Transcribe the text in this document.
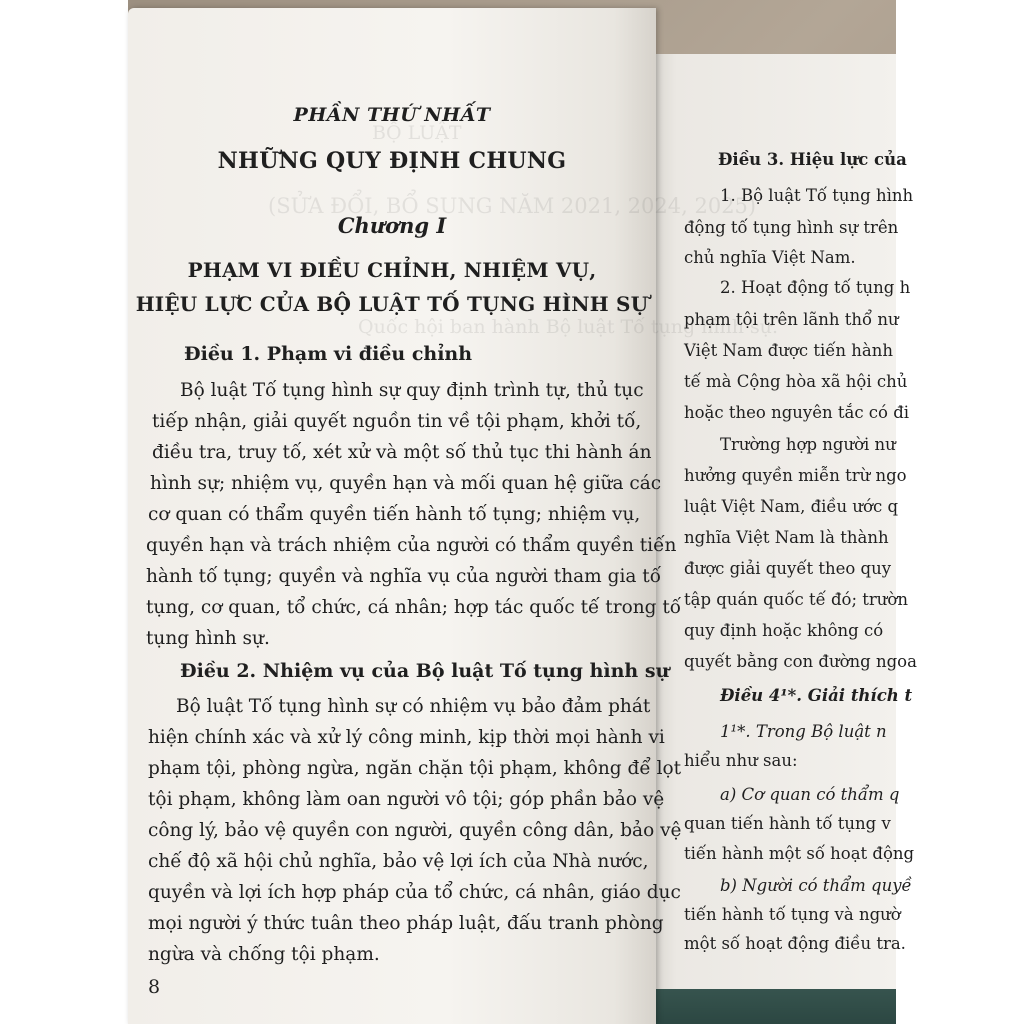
Điều 3. Hiệu lực của
1. Bộ luật Tố tụng hình
động tố tụng hình sự trên
chủ nghĩa Việt Nam.
2. Hoạt động tố tụng h
phạm tội trên lãnh thổ nư
Việt Nam được tiến hành
tế mà Cộng hòa xã hội chủ
hoặc theo nguyên tắc có đi
Trường hợp người nư
hưởng quyền miễn trừ ngo
luật Việt Nam, điều ước q
nghĩa Việt Nam là thành
được giải quyết theo quy
tập quán quốc tế đó; trườn
quy định hoặc không có
quyết bằng con đường ngoa
Điều 4¹*. Giải thích t
1¹*. Trong Bộ luật n
hiểu như sau:
a) Cơ quan có thẩm q
quan tiến hành tố tụng v
tiến hành một số hoạt động
b) Người có thẩm quyề
tiến hành tố tụng và ngườ
một số hoạt động điều tra.
BỘ LUẬT
(SỬA ĐỔI, BỔ SUNG NĂM 2021, 2024, 2025)
Quốc hội ban hành Bộ luật Tố tụng hình sự.
PHẦN THỨ NHẤT
NHỮNG QUY ĐỊNH CHUNG
Chương I
PHẠM VI ĐIỀU CHỈNH, NHIỆM VỤ,
HIỆU LỰC CỦA BỘ LUẬT TỐ TỤNG HÌNH SỰ
Điều 1. Phạm vi điều chỉnh
Bộ luật Tố tụng hình sự quy định trình tự, thủ tục
tiếp nhận, giải quyết nguồn tin về tội phạm, khởi tố,
điều tra, truy tố, xét xử và một số thủ tục thi hành án
hình sự; nhiệm vụ, quyền hạn và mối quan hệ giữa các
cơ quan có thẩm quyền tiến hành tố tụng; nhiệm vụ,
quyền hạn và trách nhiệm của người có thẩm quyền tiến
hành tố tụng; quyền và nghĩa vụ của người tham gia tố
tụng, cơ quan, tổ chức, cá nhân; hợp tác quốc tế trong tố
tụng hình sự.
Điều 2. Nhiệm vụ của Bộ luật Tố tụng hình sự
Bộ luật Tố tụng hình sự có nhiệm vụ bảo đảm phát
hiện chính xác và xử lý công minh, kịp thời mọi hành vi
phạm tội, phòng ngừa, ngăn chặn tội phạm, không để lọt
tội phạm, không làm oan người vô tội; góp phần bảo vệ
công lý, bảo vệ quyền con người, quyền công dân, bảo vệ
chế độ xã hội chủ nghĩa, bảo vệ lợi ích của Nhà nước,
quyền và lợi ích hợp pháp của tổ chức, cá nhân, giáo dục
mọi người ý thức tuân theo pháp luật, đấu tranh phòng
ngừa và chống tội phạm.
8
